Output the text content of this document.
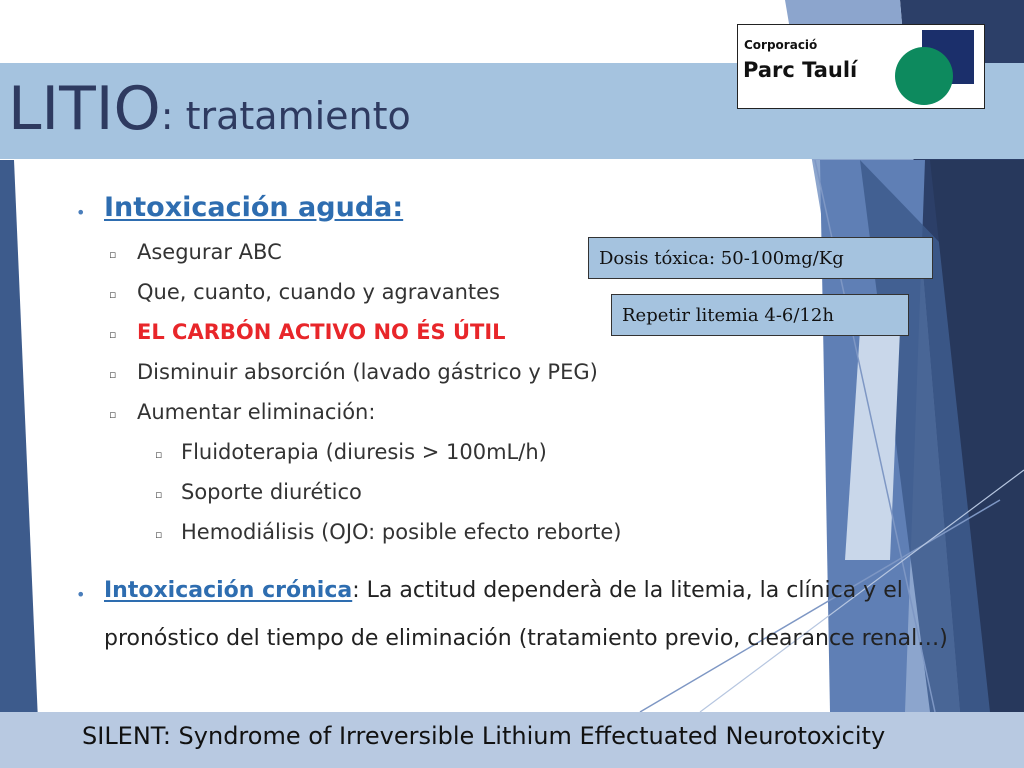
LITIO: tratamiento
Corporació
Parc Taulí
• Intoxicación aguda:
▫ Asegurar ABC
▫ Que, cuanto, cuando y agravantes
▫ EL CARBÓN ACTIVO NO ÉS ÚTIL
▫ Disminuir absorción (lavado gástrico y PEG)
▫ Aumentar eliminación:
▫ Fluidoterapia (diuresis > 100mL/h)
▫ Soporte diurético
▫ Hemodiálisis (OJO: posible efecto reborte)
• Intoxicación crónica: La actitud dependerà de la litemia, la clínica y el pronóstico del tiempo de eliminación (tratamiento previo, clearance renal…)
Dosis tóxica: 50-100mg/Kg
Repetir litemia 4-6/12h
SILENT: Syndrome of Irreversible Lithium Effectuated Neurotoxicity
